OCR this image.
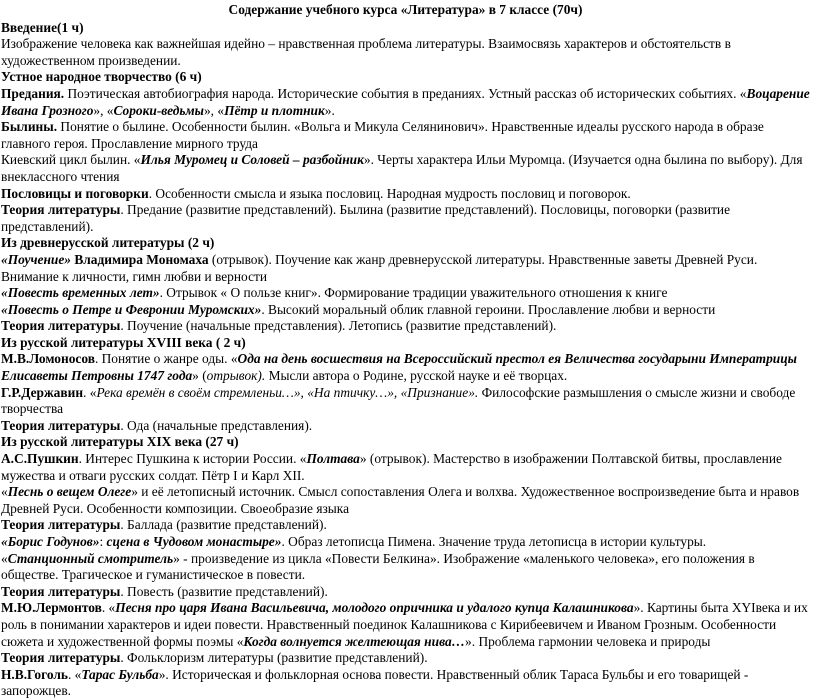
Содержание учебного курса «Литература» в 7 классе (70ч)
Введение(1 ч)
Изображение человека как важнейшая идейно – нравственная проблема литературы. Взаимосвязь характеров и обстоятельств в художественном произведении.
Устное народное творчество (6 ч)
Предания. Поэтическая автобиография народа. Исторические события в преданиях. Устный рассказ об исторических событиях. «Воцарение Ивана Грозного», «Сороки-ведьмы», «Пётр и плотник».
Былины. Понятие о былине. Особенности былин. «Вольга и Микула Селянинович». Нравственные идеалы русского народа в образе главного героя. Прославление мирного труда
Киевский цикл былин. «Илья Муромец и Соловей – разбойник». Черты характера Ильи Муромца. (Изучается одна былина по выбору). Для внеклассного чтения
Пословицы и поговорки. Особенности смысла и языка пословиц. Народная мудрость пословиц и поговорок.
Теория литературы. Предание (развитие представлений). Былина (развитие представлений). Пословицы, поговорки (развитие представлений).
Из древнерусской литературы (2 ч)
«Поучение» Владимира Мономаха (отрывок). Поучение как жанр древнерусской литературы. Нравственные заветы Древней Руси. Внимание к личности, гимн любви и верности
«Повесть временных лет». Отрывок « О пользе книг». Формирование традиции уважительного отношения к книге
«Повесть о Петре и Февронии Муромских». Высокий моральный облик главной героини. Прославление любви и верности
Теория литературы. Поучение (начальные представления). Летопись (развитие представлений).
Из русской литературы XVIII века ( 2 ч)
М.В.Ломоносов. Понятие о жанре оды. «Ода на день восшествия на Всероссийский престол ея Величества государыни Императрицы Елисаветы Петровны 1747 года» (отрывок). Мысли автора о Родине, русской науке и её творцах.
Г.Р.Державин. «Река времён в своём стремленьи…», «На птичку…», «Признание». Философские размышления о смысле жизни и свободе творчества
Теория литературы. Ода (начальные представления).
Из русской литературы XIX века (27 ч)
А.С.Пушкин. Интерес Пушкина к истории России. «Полтава» (отрывок). Мастерство в изображении Полтавской битвы, прославление мужества и отваги русских солдат. Пётр I и Карл XII.
«Песнь о вещем Олеге» и её летописный источник. Смысл сопоставления Олега и волхва. Художественное воспроизведение быта и нравов Древней Руси. Особенности композиции. Своеобразие языка
Теория литературы. Баллада (развитие представлений).
«Борис Годунов»: сцена в Чудовом монастыре». Образ летописца Пимена. Значение труда летописца в истории культуры.
«Станционный смотритель» - произведение из цикла «Повести Белкина». Изображение «маленького человека», его положения в обществе. Трагическое и гуманистическое в повести.
Теория литературы. Повесть (развитие представлений).
М.Ю.Лермонтов. «Песня про царя Ивана Васильевича, молодого опричника и удалого купца Калашникова». Картины быта XYIвека и их роль в понимании характеров и идеи повести. Нравственный поединок Калашникова с Кирибеевичем и Иваном Грозным. Особенности сюжета и художественной формы поэмы «Когда волнуется желтеющая нива…». Проблема гармонии человека и природы
Теория литературы. Фольклоризм литературы (развитие представлений).
Н.В.Гоголь. «Тарас Бульба». Историческая и фольклорная основа повести. Нравственный облик Тараса Бульбы и его товарищей - запорожцев.
